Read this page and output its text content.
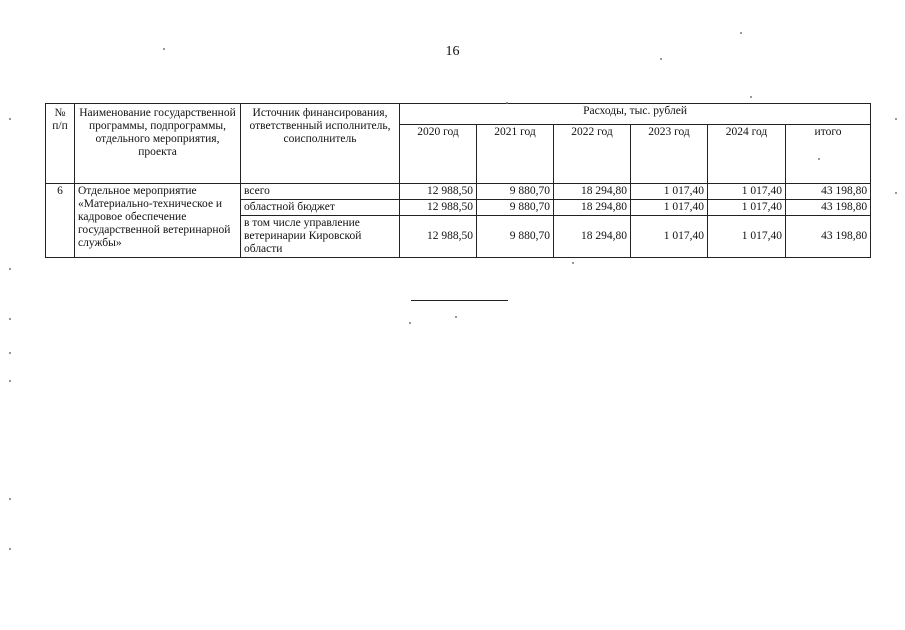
16
№ п/п	Наименование государственной программы, подпрограммы, отдельного мероприятия, проекта	Источник финансирования, ответственный исполнитель, соисполнитель	Расходы, тыс. рублей					
			2020 год	2021 год	2022 год	2023 год	2024 год	итого
6	Отдельное мероприятие «Материально-техническое и кадровое обеспечение государственной ветеринарной службы»	всего	12 988,50	9 880,70	18 294,80	1 017,40	1 017,40	43 198,80
		областной бюджет	12 988,50	9 880,70	18 294,80	1 017,40	1 017,40	43 198,80
		в том числе управление ветеринарии Кировской области	12 988,50	9 880,70	18 294,80	1 017,40	1 017,40	43 198,80
